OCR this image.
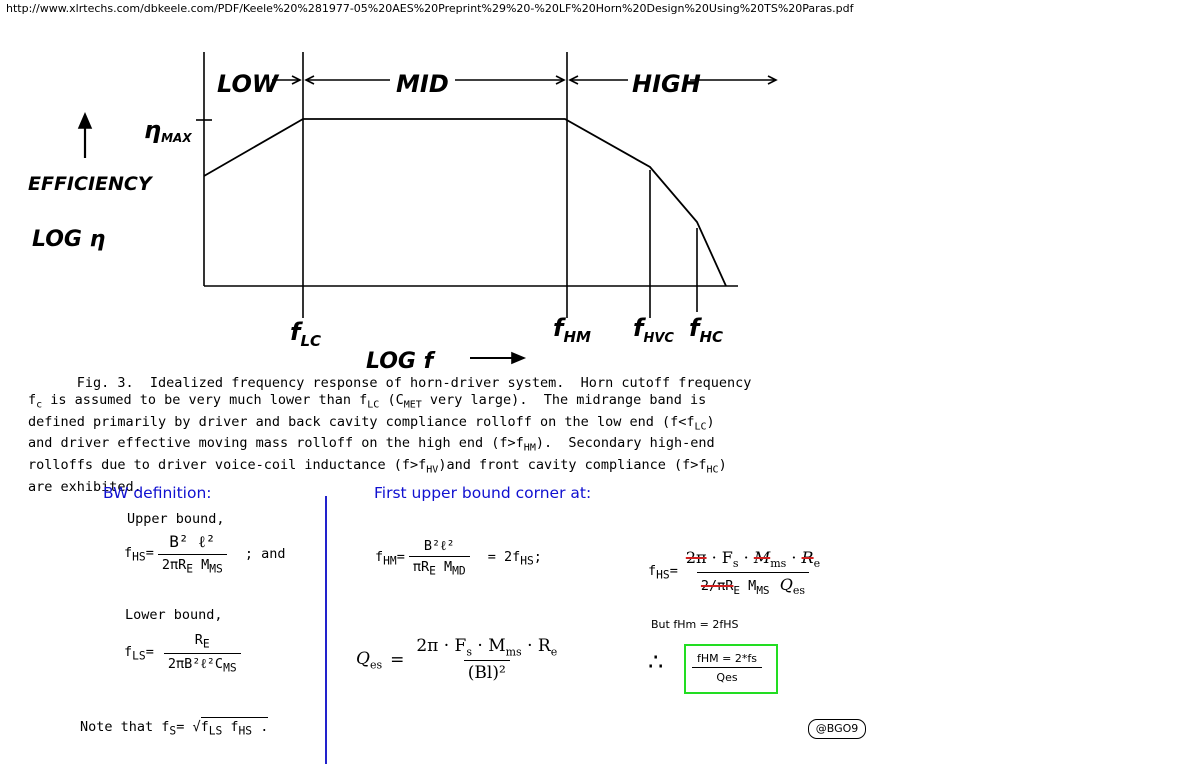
http://www.xlrtechs.com/dbkeele.com/PDF/Keele%20%281977-05%20AES%20Preprint%29%20-%20LF%20Horn%20Design%20Using%20TS%20Paras.pdf
LOW	MID	HIGH
ηMAX
EFFICIENCY
LOG η
$f_{LC}$	$f_{HM}$ $f_{HVC}$ $f_{HC}$
LOG f
Fig. 3.  Idealized frequency response of horn-driver system.  Horn cutoff frequency
$f_c$ is assumed to be very much lower than $f_{LC}$ ($C_{MET}$ very large).  The midrange band is
defined primarily by driver and back cavity compliance rolloff on the low end $(f<f_{LC})$
and driver effective moving mass rolloff on the high end $(f>f_{HM})$.  Secondary high-end
rolloffs due to driver voice-coil inductance $(f>f_{HV})and$ front cavity compliance $(f>f_{HC})$
are exhibited.
BW definition:
Upper bound,
$f_{HS}= \frac{\text{B² ℓ²}}{2\pi R_E M_{MS}}$ ; and
Lower bound,
$f_{LS}= \frac{R_E}{2\pi B^2\ell^2C_{MS}}$
Note that $f_S= √f_{LS}$ $f_{HS}$ .
First upper bound corner at:
$f_{HM}= \frac{\text{B²ℓ²}}{\pi R_E M_{MD}} = 2f_{HS}$;
$Q_{es} = \frac{2\pi \cdot F_s \cdot M_{ms} \cdot R_e}{\text{(Bl)²}}$
$f_{HS}= \frac{2\pi \cdot F_s \cdot M_{ms} \cdot R_e}{2/\pi R_E M_{MS} Q_{es}}$
But fHm = 2fHS
∴	fHM = 2*fs
Qes
@BGO9
